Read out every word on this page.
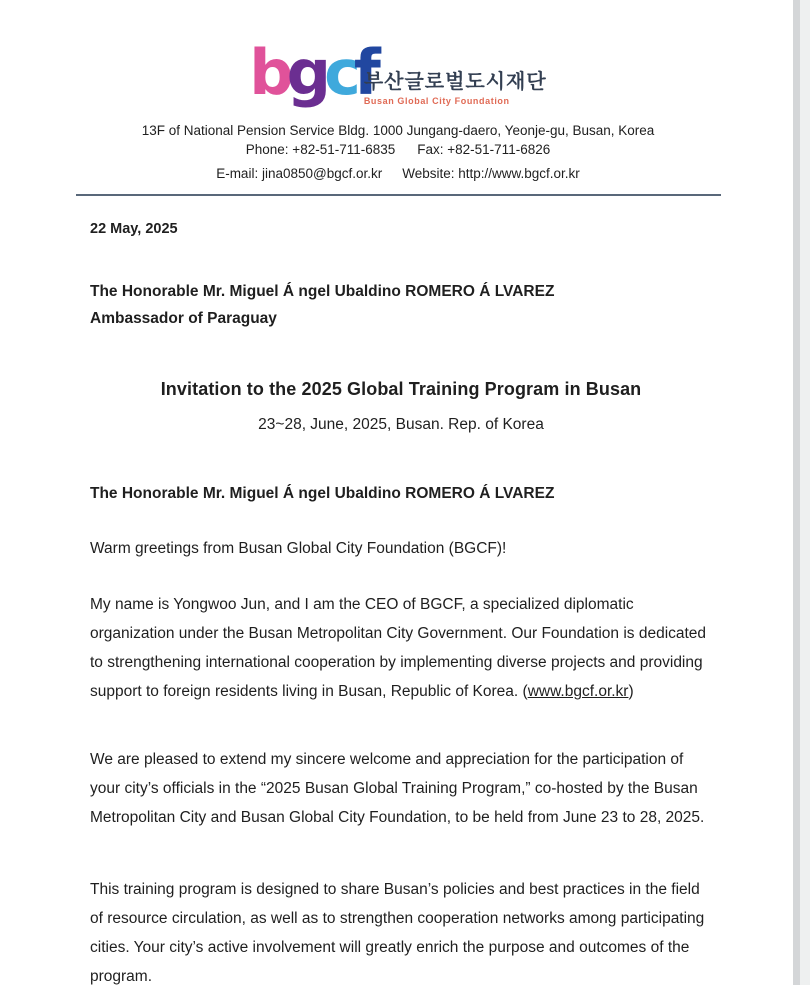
bgcf
부산글로벌도시재단
Busan Global City Foundation
13F of National Pension Service Bldg. 1000 Jungang-daero, Yeonje-gu, Busan, Korea
Phone: +82-51-711-6835 Fax: +82-51-711-6826
E-mail: jina0850@bgcf.or.kr Website: http://www.bgcf.or.kr
22 May, 2025
The Honorable Mr. Miguel Á ngel Ubaldino ROMERO Á LVAREZ
Ambassador of Paraguay
Invitation to the 2025 Global Training Program in Busan
23~28, June, 2025, Busan. Rep. of Korea
The Honorable Mr. Miguel Á ngel Ubaldino ROMERO Á LVAREZ

Warm greetings from Busan Global City Foundation (BGCF)!

My name is Yongwoo Jun, and I am the CEO of BGCF, a specialized diplomatic organization under the Busan Metropolitan City Government. Our Foundation is dedicated to strengthening international cooperation by implementing diverse projects and providing support to foreign residents living in Busan, Republic of Korea. (www.bgcf.or.kr)

We are pleased to extend my sincere welcome and appreciation for the participation of your city’s officials in the “2025 Busan Global Training Program,” co-hosted by the Busan Metropolitan City and Busan Global City Foundation, to be held from June 23 to 28, 2025.

This training program is designed to share Busan’s policies and best practices in the field of resource circulation, as well as to strengthen cooperation networks among participating cities. Your city’s active involvement will greatly enrich the purpose and outcomes of the program.
